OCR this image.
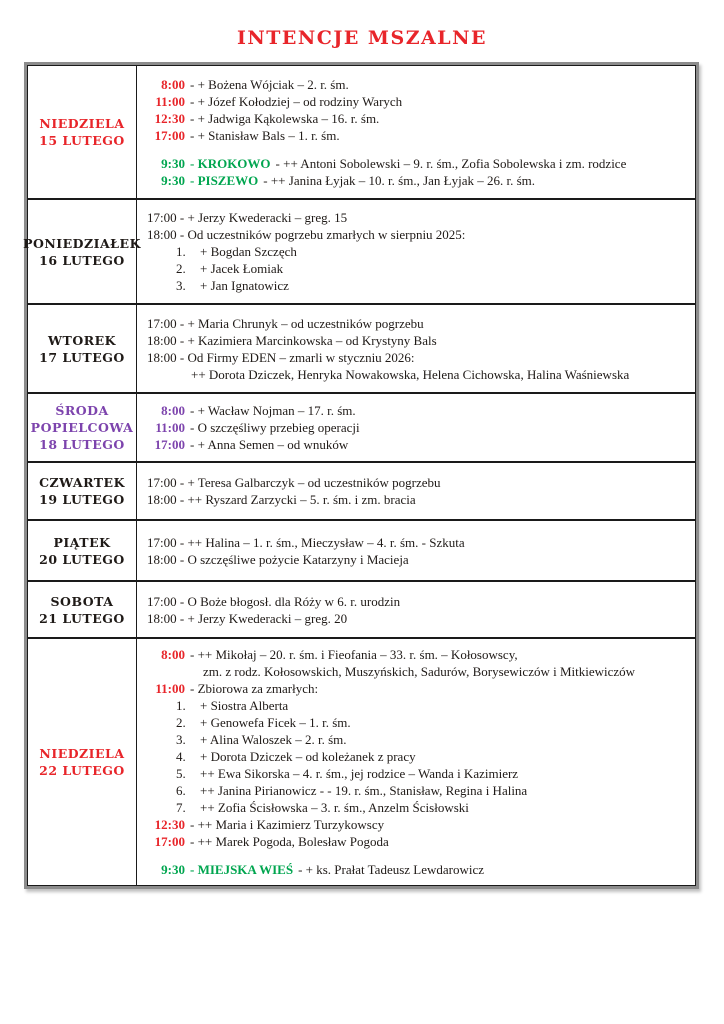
INTENCJE MSZALNE
NIEDZIELA
15 LUTEGO
8:00 - + Bożena Wójciak – 2. r. śm.
11:00 - + Józef Kołodziej – od rodziny Warych
12:30 - + Jadwiga Kąkolewska – 16. r. śm.
17:00 - + Stanisław Bals – 1. r. śm.
9:30 - KROKOWO - ++ Antoni Sobolewski – 9. r. śm., Zofia Sobolewska i zm. rodzice
9:30 - PISZEWO - ++ Janina Łyjak – 10. r. śm., Jan Łyjak – 26. r. śm.
PONIEDZIAŁEK
16 LUTEGO
17:00 - + Jerzy Kwederacki – greg. 15
18:00 - Od uczestników pogrzebu zmarłych w sierpniu 2025:
1. + Bogdan Szczęch
2. + Jacek Łomiak
3. + Jan Ignatowicz
WTOREK
17 LUTEGO
17:00 - + Maria Chrunyk – od uczestników pogrzebu
18:00 - + Kazimiera Marcinkowska – od Krystyny Bals
18:00 - Od Firmy EDEN – zmarli w styczniu 2026:
++ Dorota Dziczek, Henryka Nowakowska, Helena Cichowska, Halina Waśniewska
ŚRODA
POPIELCOWA
18 LUTEGO
8:00 - + Wacław Nojman – 17. r. śm.
11:00 - O szczęśliwy przebieg operacji
17:00 - + Anna Semen – od wnuków
CZWARTEK
19 LUTEGO
17:00 - + Teresa Galbarczyk – od uczestników pogrzebu
18:00 - ++ Ryszard Zarzycki – 5. r. śm. i zm. bracia
PIĄTEK
20 LUTEGO
17:00 - ++ Halina – 1. r. śm., Mieczysław – 4. r. śm. - Szkuta
18:00 - O szczęśliwe pożycie Katarzyny i Macieja
SOBOTA
21 LUTEGO
17:00 - O Boże błogosł. dla Róży w 6. r. urodzin
18:00 - + Jerzy Kwederacki – greg. 20
NIEDZIELA
22 LUTEGO
8:00 - ++ Mikołaj – 20. r. śm. i Fieofania – 33. r. śm. – Kołosowscy,
zm. z rodz. Kołosowskich, Muszyńskich, Sadurów, Borysewiczów i Mitkiewiczów
11:00 - Zbiorowa za zmarłych:
1. + Siostra Alberta
2. + Genowefa Ficek – 1. r. śm.
3. + Alina Waloszek – 2. r. śm.
4. + Dorota Dziczek – od koleżanek z pracy
5. ++ Ewa Sikorska – 4. r. śm., jej rodzice – Wanda i Kazimierz
6. ++ Janina Pirianowicz - - 19. r. śm., Stanisław, Regina i Halina
7. ++ Zofia Ścisłowska – 3. r. śm., Anzelm Ścisłowski
12:30 - ++ Maria i Kazimierz Turzykowscy
17:00 - ++ Marek Pogoda, Bolesław Pogoda
9:30 - MIEJSKA WIEŚ - + ks. Prałat Tadeusz Lewdarowicz
